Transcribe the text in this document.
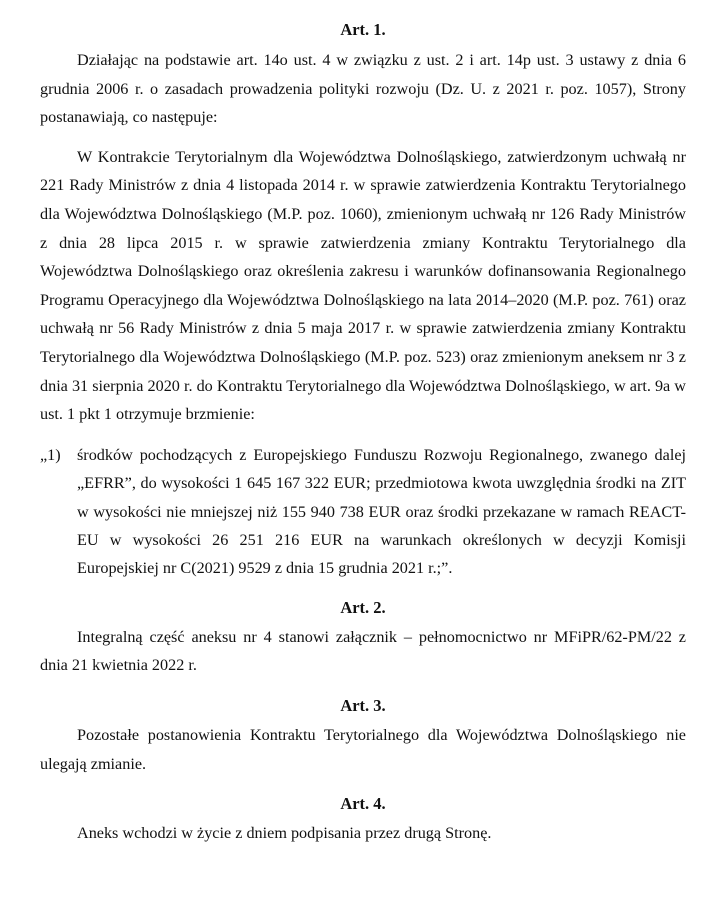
Art. 1.

Działając na podstawie art. 14o ust. 4 w związku z ust. 2 i art. 14p ust. 3 ustawy z dnia 6 grudnia 2006 r. o zasadach prowadzenia polityki rozwoju (Dz. U. z 2021 r. poz. 1057), Strony postanawiają, co następuje:

W Kontrakcie Terytorialnym dla Województwa Dolnośląskiego, zatwierdzonym uchwałą nr 221 Rady Ministrów z dnia 4 listopada 2014 r. w sprawie zatwierdzenia Kontraktu Terytorialnego dla Województwa Dolnośląskiego (M.P. poz. 1060), zmienionym uchwałą nr 126 Rady Ministrów z dnia 28 lipca 2015 r. w sprawie zatwierdzenia zmiany Kontraktu Terytorialnego dla Województwa Dolnośląskiego oraz określenia zakresu i warunków dofinansowania Regionalnego Programu Operacyjnego dla Województwa Dolnośląskiego na lata 2014–2020 (M.P. poz. 761) oraz uchwałą nr 56 Rady Ministrów z dnia 5 maja 2017 r. w sprawie zatwierdzenia zmiany Kontraktu Terytorialnego dla Województwa Dolnośląskiego (M.P. poz. 523) oraz zmienionym aneksem nr 3 z dnia 31 sierpnia 2020 r. do Kontraktu Terytorialnego dla Województwa Dolnośląskiego, w art. 9a w ust. 1 pkt 1 otrzymuje brzmienie:

„1) środków pochodzących z Europejskiego Funduszu Rozwoju Regionalnego, zwanego dalej „EFRR”, do wysokości 1 645 167 322 EUR; przedmiotowa kwota uwzględnia środki na ZIT w wysokości nie mniejszej niż 155 940 738 EUR oraz środki przekazane w ramach REACT-EU w wysokości 26 251 216 EUR na warunkach określonych w decyzji Komisji Europejskiej nr C(2021) 9529 z dnia 15 grudnia 2021 r.;”.
Art. 2.

Integralną część aneksu nr 4 stanowi załącznik – pełnomocnictwo nr MFiPR/62-PM/22 z dnia 21 kwietnia 2022 r.

Art. 3.

Pozostałe postanowienia Kontraktu Terytorialnego dla Województwa Dolnośląskiego nie ulegają zmianie.

Art. 4.

Aneks wchodzi w życie z dniem podpisania przez drugą Stronę.
